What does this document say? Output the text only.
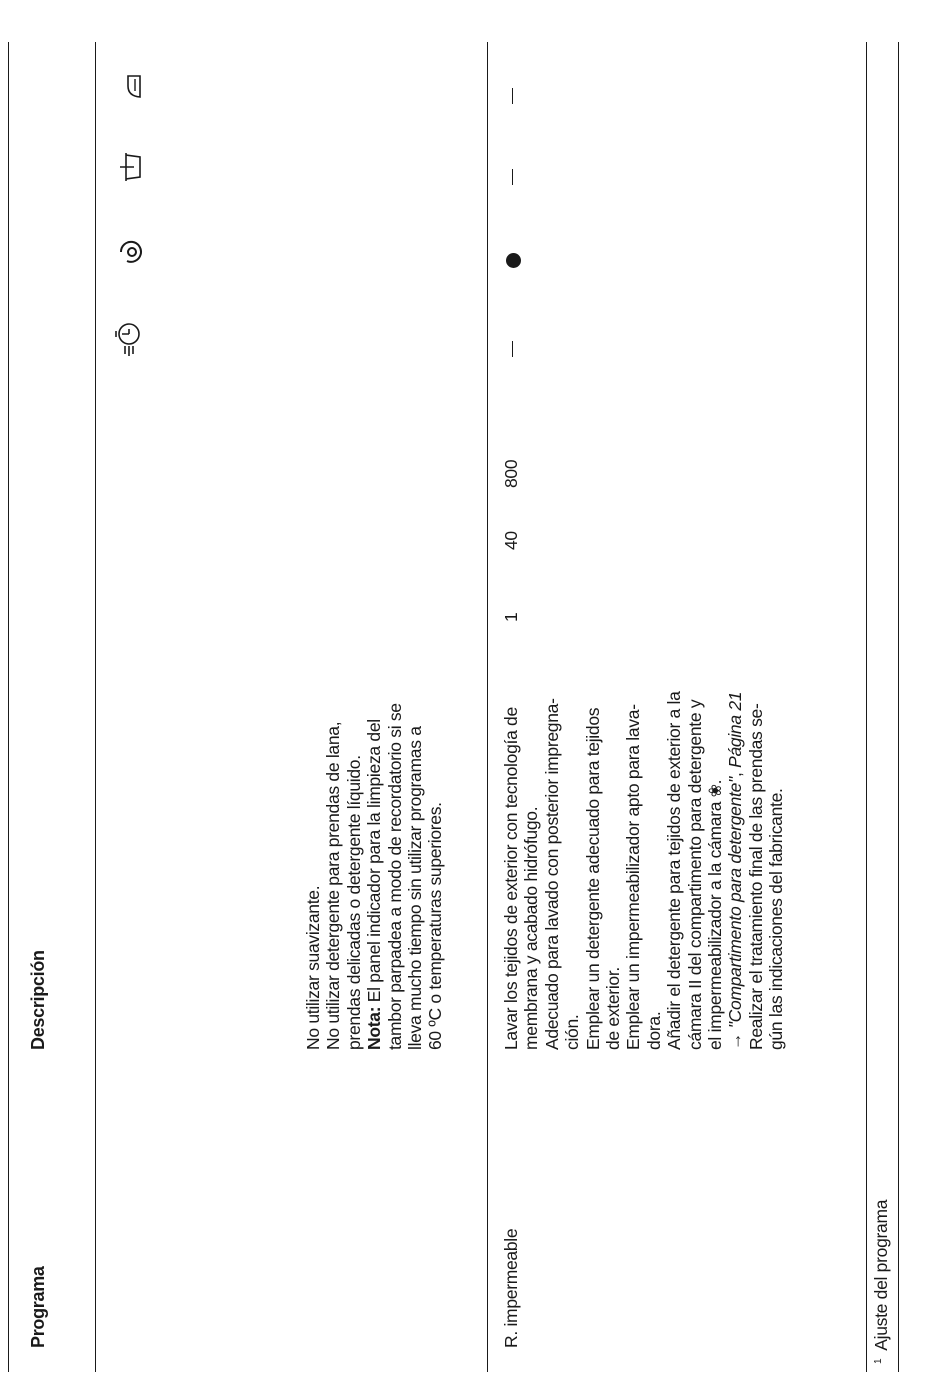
Programa
Descripción	No utilizar suavizante. No utilizar detergente para prendas de lana, prendas delicadas o detergente líquido. Nota: El panel indicador para la limpieza del tambor parpadea a modo de recordatorio si se lleva mucho tiempo sin utilizar programas a 60 ºC o temperaturas superiores.
R. impermeable
Lavar los tejidos de exterior con tecnología de membrana y acabado hidrófugo. Adecuado para lavado con posterior impregna- ción. Emplear un detergente adecuado para tejidos de exterior. Emplear un impermeabilizador apto para lava- dora. Añadir el detergente para tejidos de exterior a la cámara II del compartimento para detergente y el impermeabilizador a la cámara ❀. → "Compartimento para detergente", Página 21 Realizar el tratamiento final de las prendas se- gún las indicaciones del fabricante.
1
40
800
$^1$Ajuste del programa
